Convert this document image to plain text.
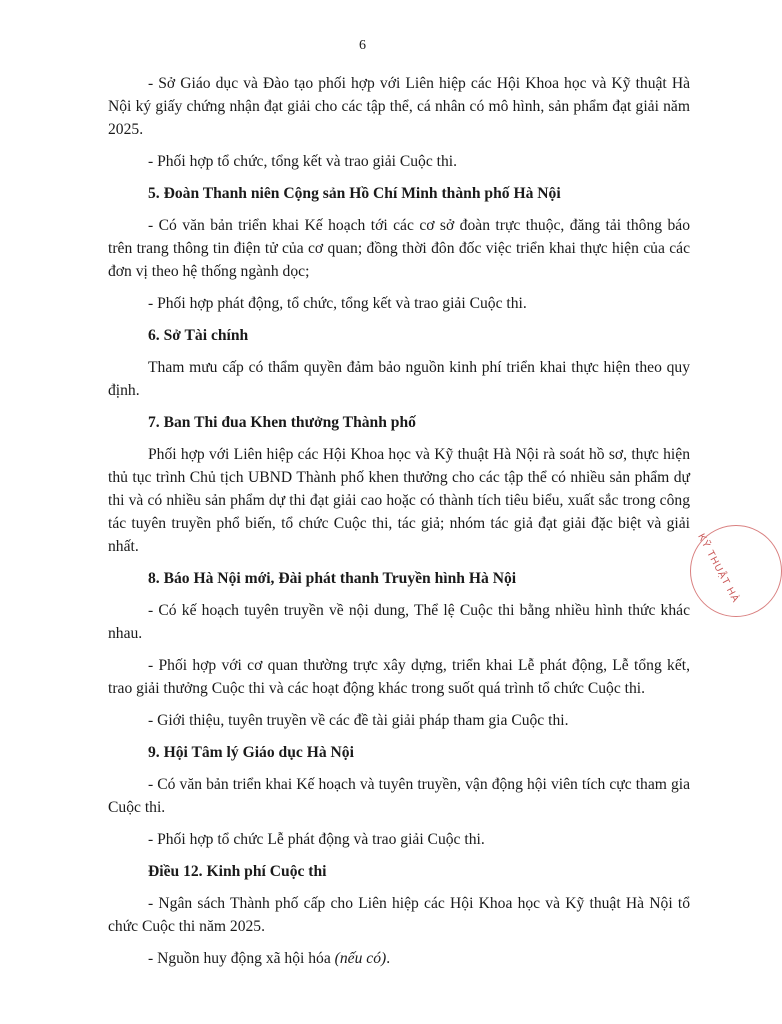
6

- Sở Giáo dục và Đào tạo phối hợp với Liên hiệp các Hội Khoa học và Kỹ thuật Hà Nội ký giấy chứng nhận đạt giải cho các tập thể, cá nhân có mô hình, sản phẩm đạt giải năm 2025.

- Phối hợp tổ chức, tổng kết và trao giải Cuộc thi.

5. Đoàn Thanh niên Cộng sản Hồ Chí Minh thành phố Hà Nội

- Có văn bản triển khai Kế hoạch tới các cơ sở đoàn trực thuộc, đăng tải thông báo trên trang thông tin điện tử của cơ quan; đồng thời đôn đốc việc triển khai thực hiện của các đơn vị theo hệ thống ngành dọc;

- Phối hợp phát động, tổ chức, tổng kết và trao giải Cuộc thi.

6. Sở Tài chính

Tham mưu cấp có thẩm quyền đảm bảo nguồn kinh phí triển khai thực hiện theo quy định.

7. Ban Thi đua Khen thưởng Thành phố

Phối hợp với Liên hiệp các Hội Khoa học và Kỹ thuật Hà Nội rà soát hồ sơ, thực hiện thủ tục trình Chủ tịch UBND Thành phố khen thưởng cho các tập thể có nhiều sản phẩm dự thi và có nhiều sản phẩm dự thi đạt giải cao hoặc có thành tích tiêu biểu, xuất sắc trong công tác tuyên truyền phổ biến, tổ chức Cuộc thi, tác giả; nhóm tác giả đạt giải đặc biệt và giải nhất.

8. Báo Hà Nội mới, Đài phát thanh Truyền hình Hà Nội

- Có kế hoạch tuyên truyền về nội dung, Thể lệ Cuộc thi bằng nhiều hình thức khác nhau.

- Phối hợp với cơ quan thường trực xây dựng, triển khai Lễ phát động, Lễ tổng kết, trao giải thưởng Cuộc thi và các hoạt động khác trong suốt quá trình tổ chức Cuộc thi.

- Giới thiệu, tuyên truyền về các đề tài giải pháp tham gia Cuộc thi.

9. Hội Tâm lý Giáo dục Hà Nội

- Có văn bản triển khai Kế hoạch và tuyên truyền, vận động hội viên tích cực tham gia Cuộc thi.

- Phối hợp tổ chức Lễ phát động và trao giải Cuộc thi.

Điều 12. Kinh phí Cuộc thi

- Ngân sách Thành phố cấp cho Liên hiệp các Hội Khoa học và Kỹ thuật Hà Nội tổ chức Cuộc thi năm 2025.

- Nguồn huy động xã hội hóa (nếu có).

KỸ THUẬT HÀ
